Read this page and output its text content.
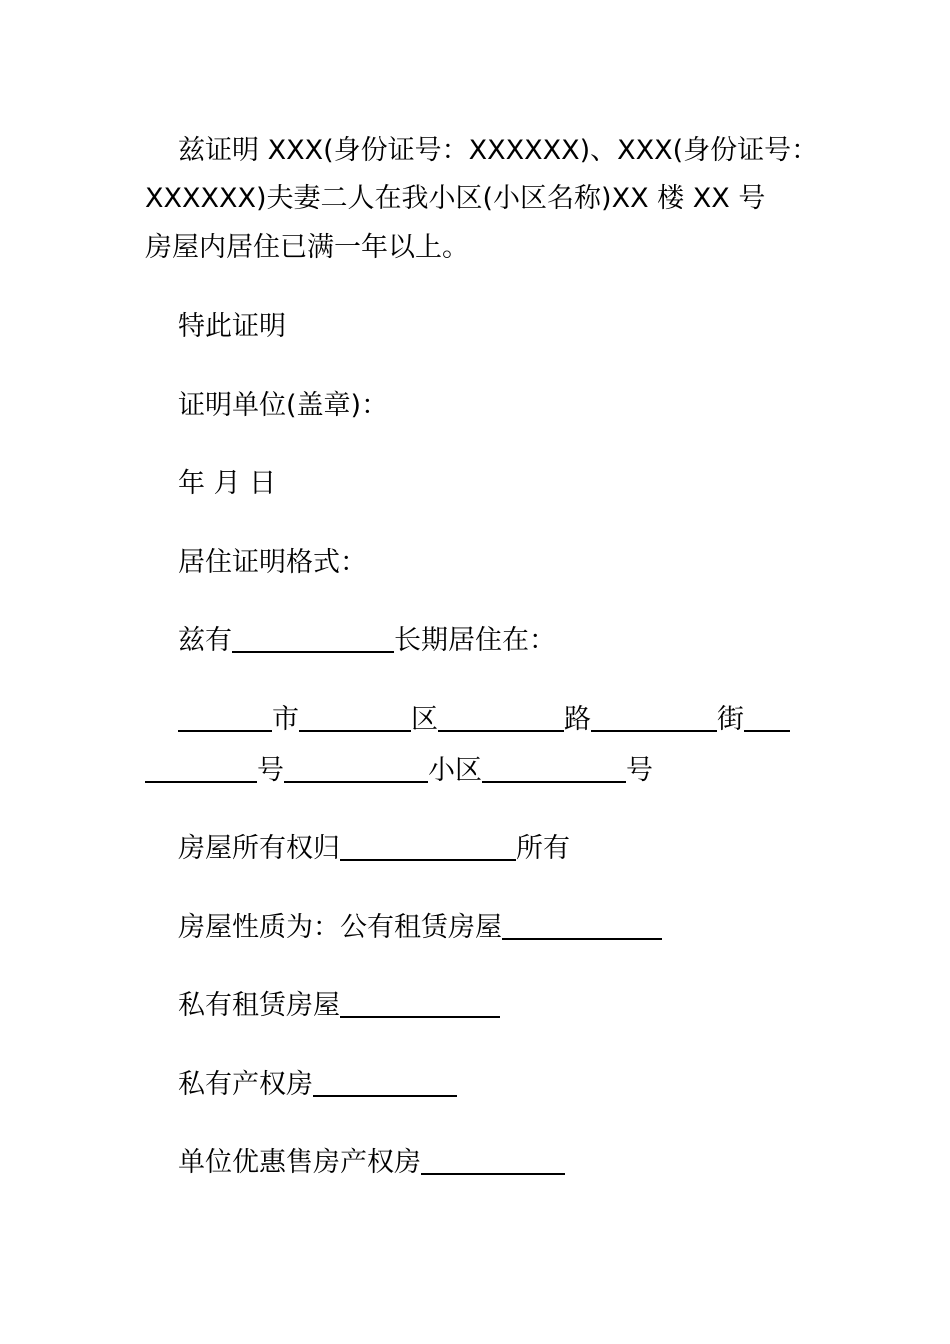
兹证明 XXX(身份证号：XXXXXX)、XXX(身份证号：
XXXXXX)夫妻二人在我小区(小区名称)XX 楼 XX 号
房屋内居住已满一年以上。
特此证明
证明单位(盖章)：
年 月 日
居住证明格式：
兹有	长期居住在：
市	区	路	街
号	小区	号
房屋所有权归	所有
房屋性质为：公有租赁房屋
私有租赁房屋
私有产权房
单位优惠售房产权房
